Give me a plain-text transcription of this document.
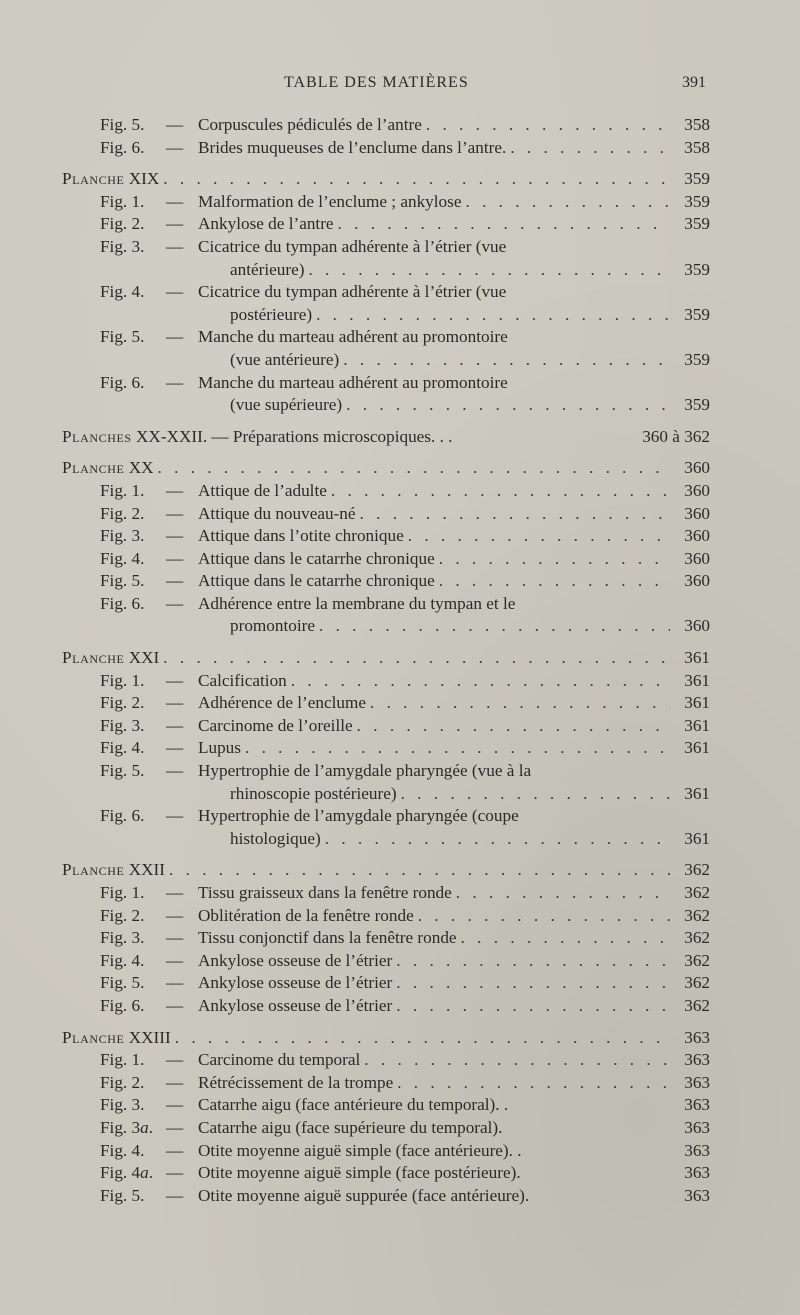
TABLE DES MATIÈRES	391
Fig. 5. — Corpuscules pédiculés de l’antre . . .	358
Fig. 6. — Brides muqueuses de l’enclume dans l’antre. . . .	358
Planche XIX . . .	359
Fig. 1. — Malformation de l’enclume ; ankylose . . .	359
Fig. 2. — Ankylose de l’antre . . .	359
Fig. 3. — Cicatrice du tympan adhérente à l’étrier (vue
antérieure) . . .	359
Fig. 4. — Cicatrice du tympan adhérente à l’étrier (vue
postérieure) . . .	359
Fig. 5. — Manche du marteau adhérent au promontoire
(vue antérieure) . . .	359
Fig. 6. — Manche du marteau adhérent au promontoire
(vue supérieure) . . .	359
Planches XX-XXII. — Préparations microscopiques. . .	360 à 362
Planche XX . . .	360
Fig. 1. — Attique de l’adulte . . .	360
Fig. 2. — Attique du nouveau-né . . .	360
Fig. 3. — Attique dans l’otite chronique . . .	360
Fig. 4. — Attique dans le catarrhe chronique . . .	360
Fig. 5. — Attique dans le catarrhe chronique . . .	360
Fig. 6. — Adhérence entre la membrane du tympan et le
promontoire . . .	360
Planche XXI . . .	361
Fig. 1. — Calcification . . .	361
Fig. 2. — Adhérence de l’enclume . . .	361
Fig. 3. — Carcinome de l’oreille . . .	361
Fig. 4. — Lupus . . .	361
Fig. 5. — Hypertrophie de l’amygdale pharyngée (vue à la
rhinoscopie postérieure) . . .	361
Fig. 6. — Hypertrophie de l’amygdale pharyngée (coupe
histologique) . . .	361
Planche XXII . . .	362
Fig. 1. — Tissu graisseux dans la fenêtre ronde . . .	362
Fig. 2. — Oblitération de la fenêtre ronde . . .	362
Fig. 3. — Tissu conjonctif dans la fenêtre ronde . . .	362
Fig. 4. — Ankylose osseuse de l’étrier . . .	362
Fig. 5. — Ankylose osseuse de l’étrier . . .	362
Fig. 6. — Ankylose osseuse de l’étrier . . .	362
Planche XXIII . . .	363
Fig. 1. — Carcinome du temporal . . .	363
Fig. 2. — Rétrécissement de la trompe . . .	363
Fig. 3. — Catarrhe aigu (face antérieure du temporal). .	363
Fig. 3a. — Catarrhe aigu (face supérieure du temporal).	363
Fig. 4. — Otite moyenne aiguë simple (face antérieure). .	363
Fig. 4a. — Otite moyenne aiguë simple (face postérieure).	363
Fig. 5. — Otite moyenne aiguë suppurée (face antérieure).	363
